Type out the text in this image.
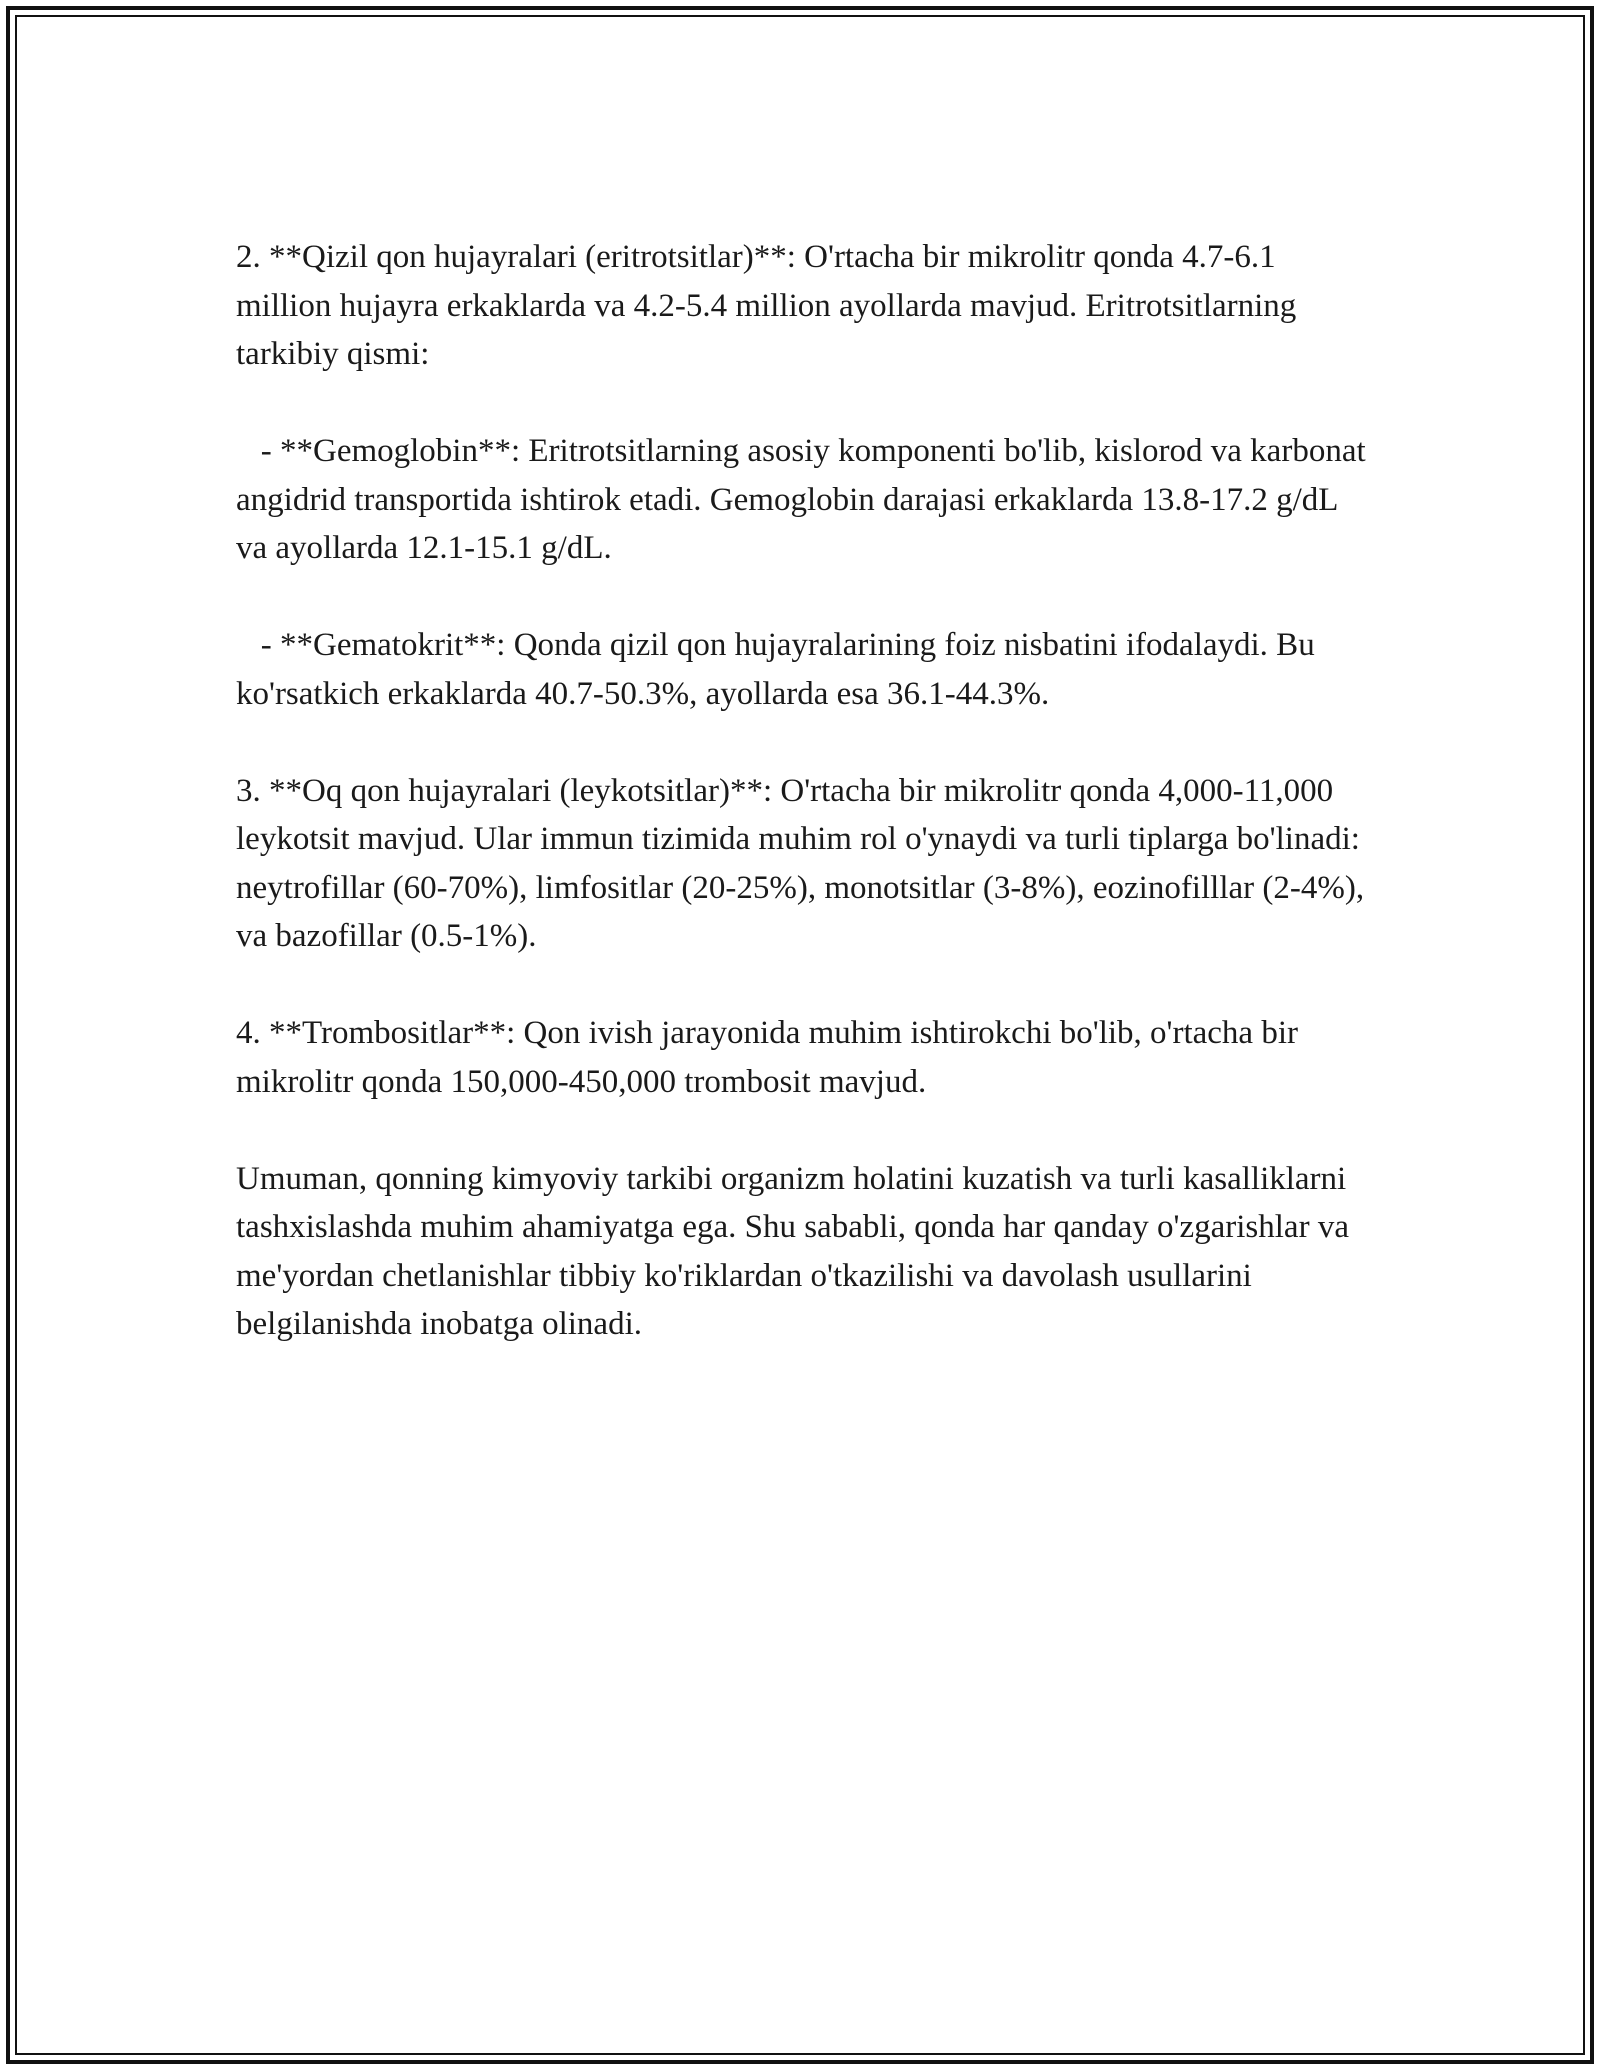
2. **Qizil qon hujayralari (eritrotsitlar)**: O'rtacha bir mikrolitr qonda 4.7-6.1 million hujayra erkaklarda va 4.2-5.4 million ayollarda mavjud. Eritrotsitlarning tarkibiy qismi:

- **Gemoglobin**: Eritrotsitlarning asosiy komponenti bo'lib, kislorod va karbonat angidrid transportida ishtirok etadi. Gemoglobin darajasi erkaklarda 13.8-17.2 g/dL va ayollarda 12.1-15.1 g/dL.

- **Gematokrit**: Qonda qizil qon hujayralarining foiz nisbatini ifodalaydi. Bu ko'rsatkich erkaklarda 40.7-50.3%, ayollarda esa 36.1-44.3%.

3. **Oq qon hujayralari (leykotsitlar)**: O'rtacha bir mikrolitr qonda 4,000-11,000 leykotsit mavjud. Ular immun tizimida muhim rol o'ynaydi va turli tiplarga bo'linadi: neytrofillar (60-70%), limfositlar (20-25%), monotsitlar (3-8%), eozinofilllar (2-4%), va bazofillar (0.5-1%).

4. **Trombositlar**: Qon ivish jarayonida muhim ishtirokchi bo'lib, o'rtacha bir mikrolitr qonda 150,000-450,000 trombosit mavjud.

Umuman, qonning kimyoviy tarkibi organizm holatini kuzatish va turli kasalliklarni tashxislashda muhim ahamiyatga ega. Shu sababli, qonda har qanday o'zgarishlar va me'yordan chetlanishlar tibbiy ko'riklardan o'tkazilishi va davolash usullarini belgilanishda inobatga olinadi.
